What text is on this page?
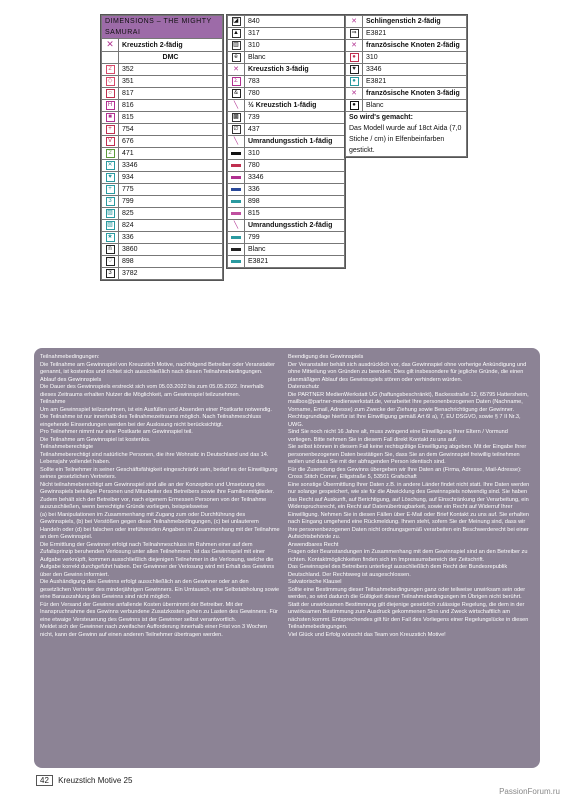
DIMENSIONS – THE MIGHTY SAMURAI	
✕	Kreuzstich 2-fädig
	DMC
2	352
◇	351
○	817
H	816
■	815
+	754
V	676
2	471
✕	3346
♥	934
+	775
3	799
▨	825
▧	824
★	336
n	3860
♡	898
3	3782
◪	840
▲	317
▥	310
e	Blanc
✕	Kreuzstich 3-fädig
Σ	783
&	780
╲	½ Kreuzstich 1-fädig
▩	739
∅	437
╲	Umrandungsstich 1-fädig

	310

	780

	3346

	336

	898

	815
╲	Umrandungsstich 2-fädig

	799

	Blanc

	E3821
✕	Schlingenstich 2-fädig
⇒	E3821
✕	französische Knoten 2-fädig
●	310
♥	3346
●	E3821
✕	französische Knoten 3-fädig
●	Blanc
So wird's gemacht:
Das Modell wurde auf 18ct Aida (7,0 Stiche / cm) in Elfenbeinfarben gestickt.	

Teilnahmebedingungen:

Die Teilnahme am Gewinnspiel von Kreuzstich Motive, nachfolgend Betreiber oder Veranstalter genannt, ist kostenlos und richtet sich ausschließlich nach diesen Teilnahmebedingungen.

Ablauf des Gewinnspiels

Die Dauer des Gewinnspiels erstreckt sich vom 05.03.2022 bis zum 05.05.2022. Innerhalb dieses Zeitraums erhalten Nutzer die Möglichkeit, am Gewinnspiel teilzunehmen.

Teilnahme

Um am Gewinnspiel teilzunehmen, ist ein Ausfüllen und Absenden einer Postkarte notwendig. Die Teilnahme ist nur innerhalb des Teilnahmezeitraums möglich. Nach Teilnahmeschluss eingehende Einsendungen werden bei der Auslosung nicht berücksichtigt.

Pro Teilnehmer nimmt nur eine Postkarte am Gewinnspiel teil.

Die Teilnahme am Gewinnspiel ist kostenlos.

Teilnahmeberechtigte

Teilnahmeberechtigt sind natürliche Personen, die ihre Wohnsitz in Deutschland und das 14. Lebensjahr vollendet haben.

Sollte ein Teilnehmer in seiner Geschäftsfähigkeit eingeschränkt sein, bedarf es der Einwilligung seines gesetzlichen Vertreters.

Nicht teilnahmeberechtigt am Gewinnspiel sind alle an der Konzeption und Umsetzung des Gewinnspiels beteiligte Personen und Mitarbeiter des Betreibers sowie ihre Familienmitglieder. Zudem behält sich der Betreiber vor, nach eigenem Ermessen Personen von der Teilnahme auszuschließen, wenn berechtigte Gründe vorliegen, beispielsweise

(a) bei Manipulationen im Zusammenhang mit Zugang zum oder Durchführung des Gewinnspiels, (b) bei Verstößen gegen diese Teilnahmebedingungen, (c) bei unlauterem Handeln oder (d) bei falschen oder irreführenden Angaben im Zusammenhang mit der Teilnahme an dem Gewinnspiel.

Die Ermittlung der Gewinner erfolgt nach Teilnahmeschluss im Rahmen einer auf dem Zufallsprinzip beruhenden Verlosung unter allen Teilnehmern. Ist das Gewinnspiel mit einer Aufgabe verknüpft, kommen ausschließlich diejenigen Teilnehmer in die Verlosung, welche die Aufgabe korrekt durchgeführt haben. Der Gewinner der Verlosung wird mit Erhalt des Gewinns über den Gewinn informiert.

Die Aushändigung des Gewinns erfolgt ausschließlich an den Gewinner oder an den gesetzlichen Vertreter des minderjährigen Gewinners. Ein Umtausch, eine Selbstabholung sowie eine Barauszahlung des Gewinns sind nicht möglich.

Für den Versand der Gewinne anfallende Kosten übernimmt der Betreiber. Mit der Inanspruchnahme des Gewinns verbundene Zusatzkosten gehen zu Lasten des Gewinners. Für eine etwaige Versteuerung des Gewinns ist der Gewinner selbst verantwortlich.

Meldet sich der Gewinner nach zweifacher Aufforderung innerhalb einer Frist von 3 Wochen nicht, kann der Gewinn auf einen anderen Teilnehmer übertragen werden.

Beendigung des Gewinnspiels

Der Veranstalter behält sich ausdrücklich vor, das Gewinnspiel ohne vorherige Ankündigung und ohne Mitteilung von Gründen zu beenden. Dies gilt insbesondere für jegliche Gründe, die einen planmäßigen Ablauf des Gewinnspiels stören oder verhindern würden.

Datenschutz

Die PARTNER MedienWerkstatt UG (haftungsbeschränkt), Backesstraße 12, 65795 Hattersheim, mailbox@partner-medienwerkstatt.de, verarbeitet Ihre personenbezogenen Daten (Nachname, Vorname, Email, Adresse) zum Zwecke der Ziehung sowie Benachrichtigung der Gewinner. Rechtsgrundlage hierfür ist Ihre Einwilligung gemäß Art 6l a), 7, EU DSGVO, sowie § 7 II Nr.3, UWG.

Sind Sie noch nicht 16 Jahre alt, muss zwingend eine Einwilligung Ihrer Eltern / Vormund vorliegen. Bitte nehmen Sie in diesem Fall direkt Kontakt zu uns auf.

Sie selbst können in diesem Fall keine rechtsgültige Einwilligung abgeben. Mit der Eingabe Ihrer personenbezogenen Daten bestätigen Sie, dass Sie an dem Gewinnspiel freiwillig teilnehmen wollen und dass Sie mit der abfragenden Person identisch sind.

Für die Zusendung des Gewinns übergeben wir Ihre Daten an (Firma, Adresse, Mail-Adresse): Cross Stitch Corner, Elligstraße 5, 53501 Grafschaft

Eine sonstige Übermittlung Ihrer Daten z.B. in andere Länder findet nicht statt. Ihre Daten werden nur solange gespeichert, wie sie für die Abwicklung des Gewinnspiels notwendig sind. Sie haben das Recht auf Auskunft, auf Berichtigung, auf Löschung, auf Einschränkung der Verarbeitung, ein Widerspruchsrecht, ein Recht auf Datenübertragbarkeit, sowie ein Recht auf Widerruf Ihrer Einwilligung. Nehmen Sie in diesen Fällen über E-Mail oder Brief Kontakt zu uns auf. Sie erhalten nach Eingang umgehend eine Rückmeldung. Ihnen steht, sofern Sie der Meinung sind, dass wir Ihre personenbezogenen Daten nicht ordnungsgemäß verarbeiten ein Beschwerderecht bei einer Aufsichtsbehörde zu.

Anwendbares Recht

Fragen oder Beanstandungen im Zusammenhang mit dem Gewinnspiel sind an den Betreiber zu richten. Kontaktmöglichkeiten finden sich im Impressumsbereich der Zeitschrift.

Das Gewinnspiel des Betreibers unterliegt ausschließlich dem Recht der Bundesrepublik Deutschland. Der Rechtsweg ist ausgeschlossen.

Salvatorische Klausel

Sollte eine Bestimmung dieser Teilnahmebedingungen ganz oder teilweise unwirksam sein oder werden, so wird dadurch die Gültigkeit dieser Teilnahmebedingungen im Übrigen nicht berührt. Statt der unwirksamen Bestimmung gilt diejenige gesetzlich zulässige Regelung, die dem in der unwirksamen Bestimmung zum Ausdruck gekommenen Sinn und Zweck wirtschaftlich am nächsten kommt. Entsprechendes gilt für den Fall des Vorliegens einer Regelungslücke in diesen Teilnahmebedingungen.

Viel Glück und Erfolg wünscht das Team von Kreuzstich Motive!

42 Kreuzstich Motive 25
PassionForum.ru
